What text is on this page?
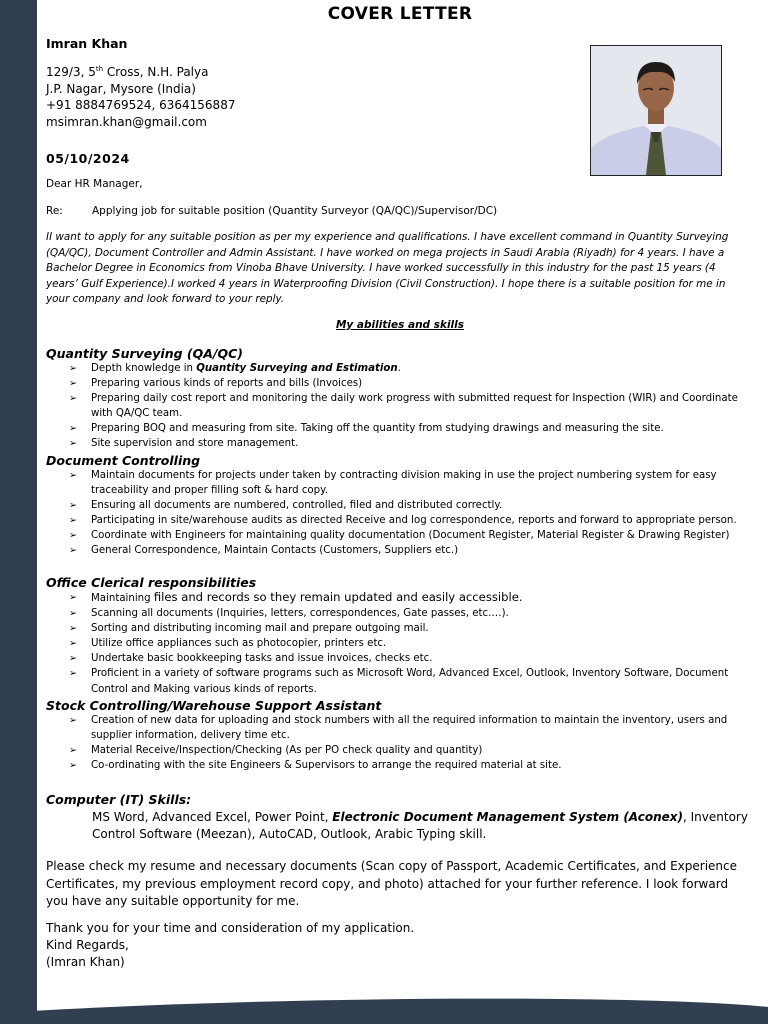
COVER LETTER
Imran Khan
129/3, 5th Cross, N.H. Palya
J.P. Nagar, Mysore (India)
+91 8884769524, 6364156887
msimran.khan@gmail.com
05/10/2024
Dear HR Manager,
Re:	Applying job for suitable position (Quantity Surveyor (QA/QC)/Supervisor/DC)
II want to apply for any suitable position as per my experience and qualifications. I have excellent command in Quantity Surveying (QA/QC), Document Controller and Admin Assistant. I have worked on mega projects in Saudi Arabia (Riyadh) for 4 years. I have a Bachelor Degree in Economics from Vinoba Bhave University. I have worked successfully in this industry for the past 15 years (4 years’ Gulf Experience).I worked 4 years in Waterproofing Division (Civil Construction). I hope there is a suitable position for me in your company and look forward to your reply.
My abilities and skills
Quantity Surveying (QA/QC)
➢ Depth knowledge in Quantity Surveying and Estimation.
➢ Preparing various kinds of reports and bills (Invoices)
➢ Preparing daily cost report and monitoring the daily work progress with submitted request for Inspection (WIR) and Coordinate with QA/QC team.
➢ Preparing BOQ and measuring from site. Taking off the quantity from studying drawings and measuring the site.
➢ Site supervision and store management.
Document Controlling
➢ Maintain documents for projects under taken by contracting division making in use the project numbering system for easy traceability and proper filling soft & hard copy.
➢ Ensuring all documents are numbered, controlled, filed and distributed correctly.
➢ Participating in site/warehouse audits as directed Receive and log correspondence, reports and forward to appropriate person.
➢ Coordinate with Engineers for maintaining quality documentation (Document Register, Material Register & Drawing Register)
➢ General Correspondence, Maintain Contacts (Customers, Suppliers etc.)
Office Clerical responsibilities
➢ Maintaining files and records so they remain updated and easily accessible.
➢ Scanning all documents (Inquiries, letters, correspondences, Gate passes, etc.…).
➢ Sorting and distributing incoming mail and prepare outgoing mail.
➢ Utilize office appliances such as photocopier, printers etc.
➢ Undertake basic bookkeeping tasks and issue invoices, checks etc.
➢ Proficient in a variety of software programs such as Microsoft Word, Advanced Excel, Outlook, Inventory Software, Document Control and Making various kinds of reports.
Stock Controlling/Warehouse Support Assistant
➢ Creation of new data for uploading and stock numbers with all the required information to maintain the inventory, users and supplier information, delivery time etc.
➢ Material Receive/Inspection/Checking (As per PO check quality and quantity)
➢ Co-ordinating with the site Engineers & Supervisors to arrange the required material at site.
Computer (IT) Skills:
MS Word, Advanced Excel, Power Point, Electronic Document Management System (Aconex), Inventory Control Software (Meezan), AutoCAD, Outlook, Arabic Typing skill.
Please check my resume and necessary documents (Scan copy of Passport, Academic Certificates, and Experience Certificates, my previous employment record copy, and photo) attached for your further reference. I look forward you have any suitable opportunity for me.
Thank you for your time and consideration of my application.
Kind Regards,
(Imran Khan)
